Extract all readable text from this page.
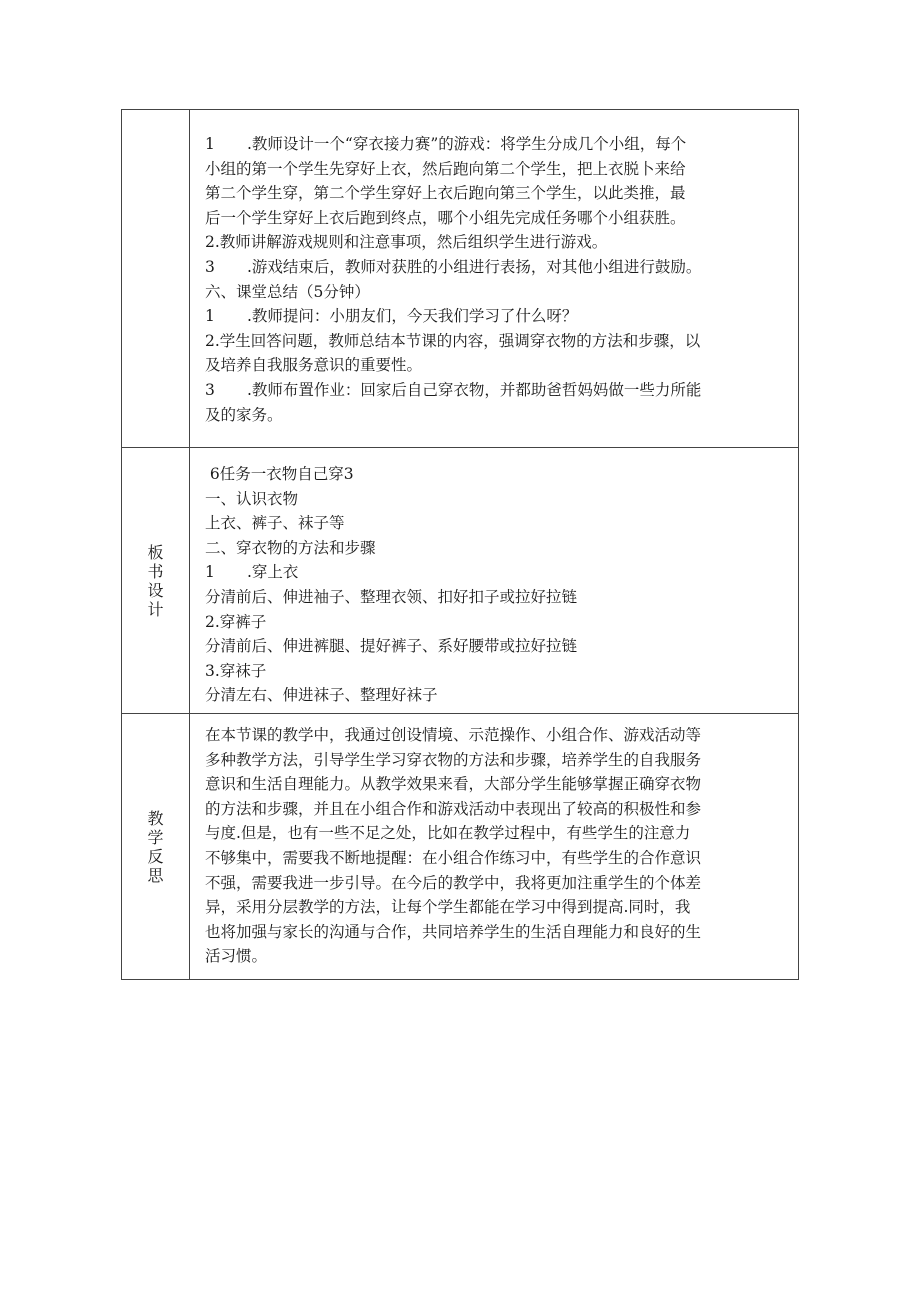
1 .教师设计一个“穿衣接力赛”的游戏：将学生分成几个小组，每个
小组的第一个学生先穿好上衣，然后跑向第二个学生，把上衣脱卜来给
第二个学生穿，第二个学生穿好上衣后跑向第三个学生，以此类推，最
后一个学生穿好上衣后跑到终点，哪个小组先完成任务哪个小组获胜。
2.教师讲解游戏规则和注意事项，然后组织学生进行游戏。
3 .游戏结束后，教师对获胜的小组进行表扬，对其他小组进行鼓励。
六、课堂总结（5分钟）
1 .教师提问：小朋友们，今天我们学习了什么呀？
2.学生回答问题，教师总结本节课的内容，强调穿衣物的方法和步骤，以
及培养自我服务意识的重要性。
3 .教师布置作业：回家后自己穿衣物，并都助爸哲妈妈做一些力所能
及的家务。
板书设计
6任务一衣物自己穿3
一、认识衣物
上衣、裤子、袜子等
二、穿衣物的方法和步骤
1 .穿上衣
分清前后、伸进袖子、整理衣领、扣好扣子或拉好拉链
2.穿裤子
分清前后、伸进裤腿、提好裤子、系好腰带或拉好拉链
3.穿袜子
分清左右、伸进袜子、整理好袜子
教学反思
在本节课的教学中，我通过创设情境、示范操作、小组合作、游戏活动等
多种教学方法，引导学生学习穿衣物的方法和步骤，培养学生的自我服务
意识和生活自理能力。从教学效果来看，大部分学生能够掌握正确穿衣物
的方法和步骤，并且在小组合作和游戏活动中表现出了较高的积极性和参
与度.但是，也有一些不足之处，比如在教学过程中，有些学生的注意力
不够集中，需要我不断地提醒：在小组合作练习中，有些学生的合作意识
不强，需要我进一步引导。在今后的教学中，我将更加注重学生的个体差
异，采用分层教学的方法，让每个学生都能在学习中得到提高.同时，我
也将加强与家长的沟通与合作，共同培养学生的生活自理能力和良好的生
活习惯。
